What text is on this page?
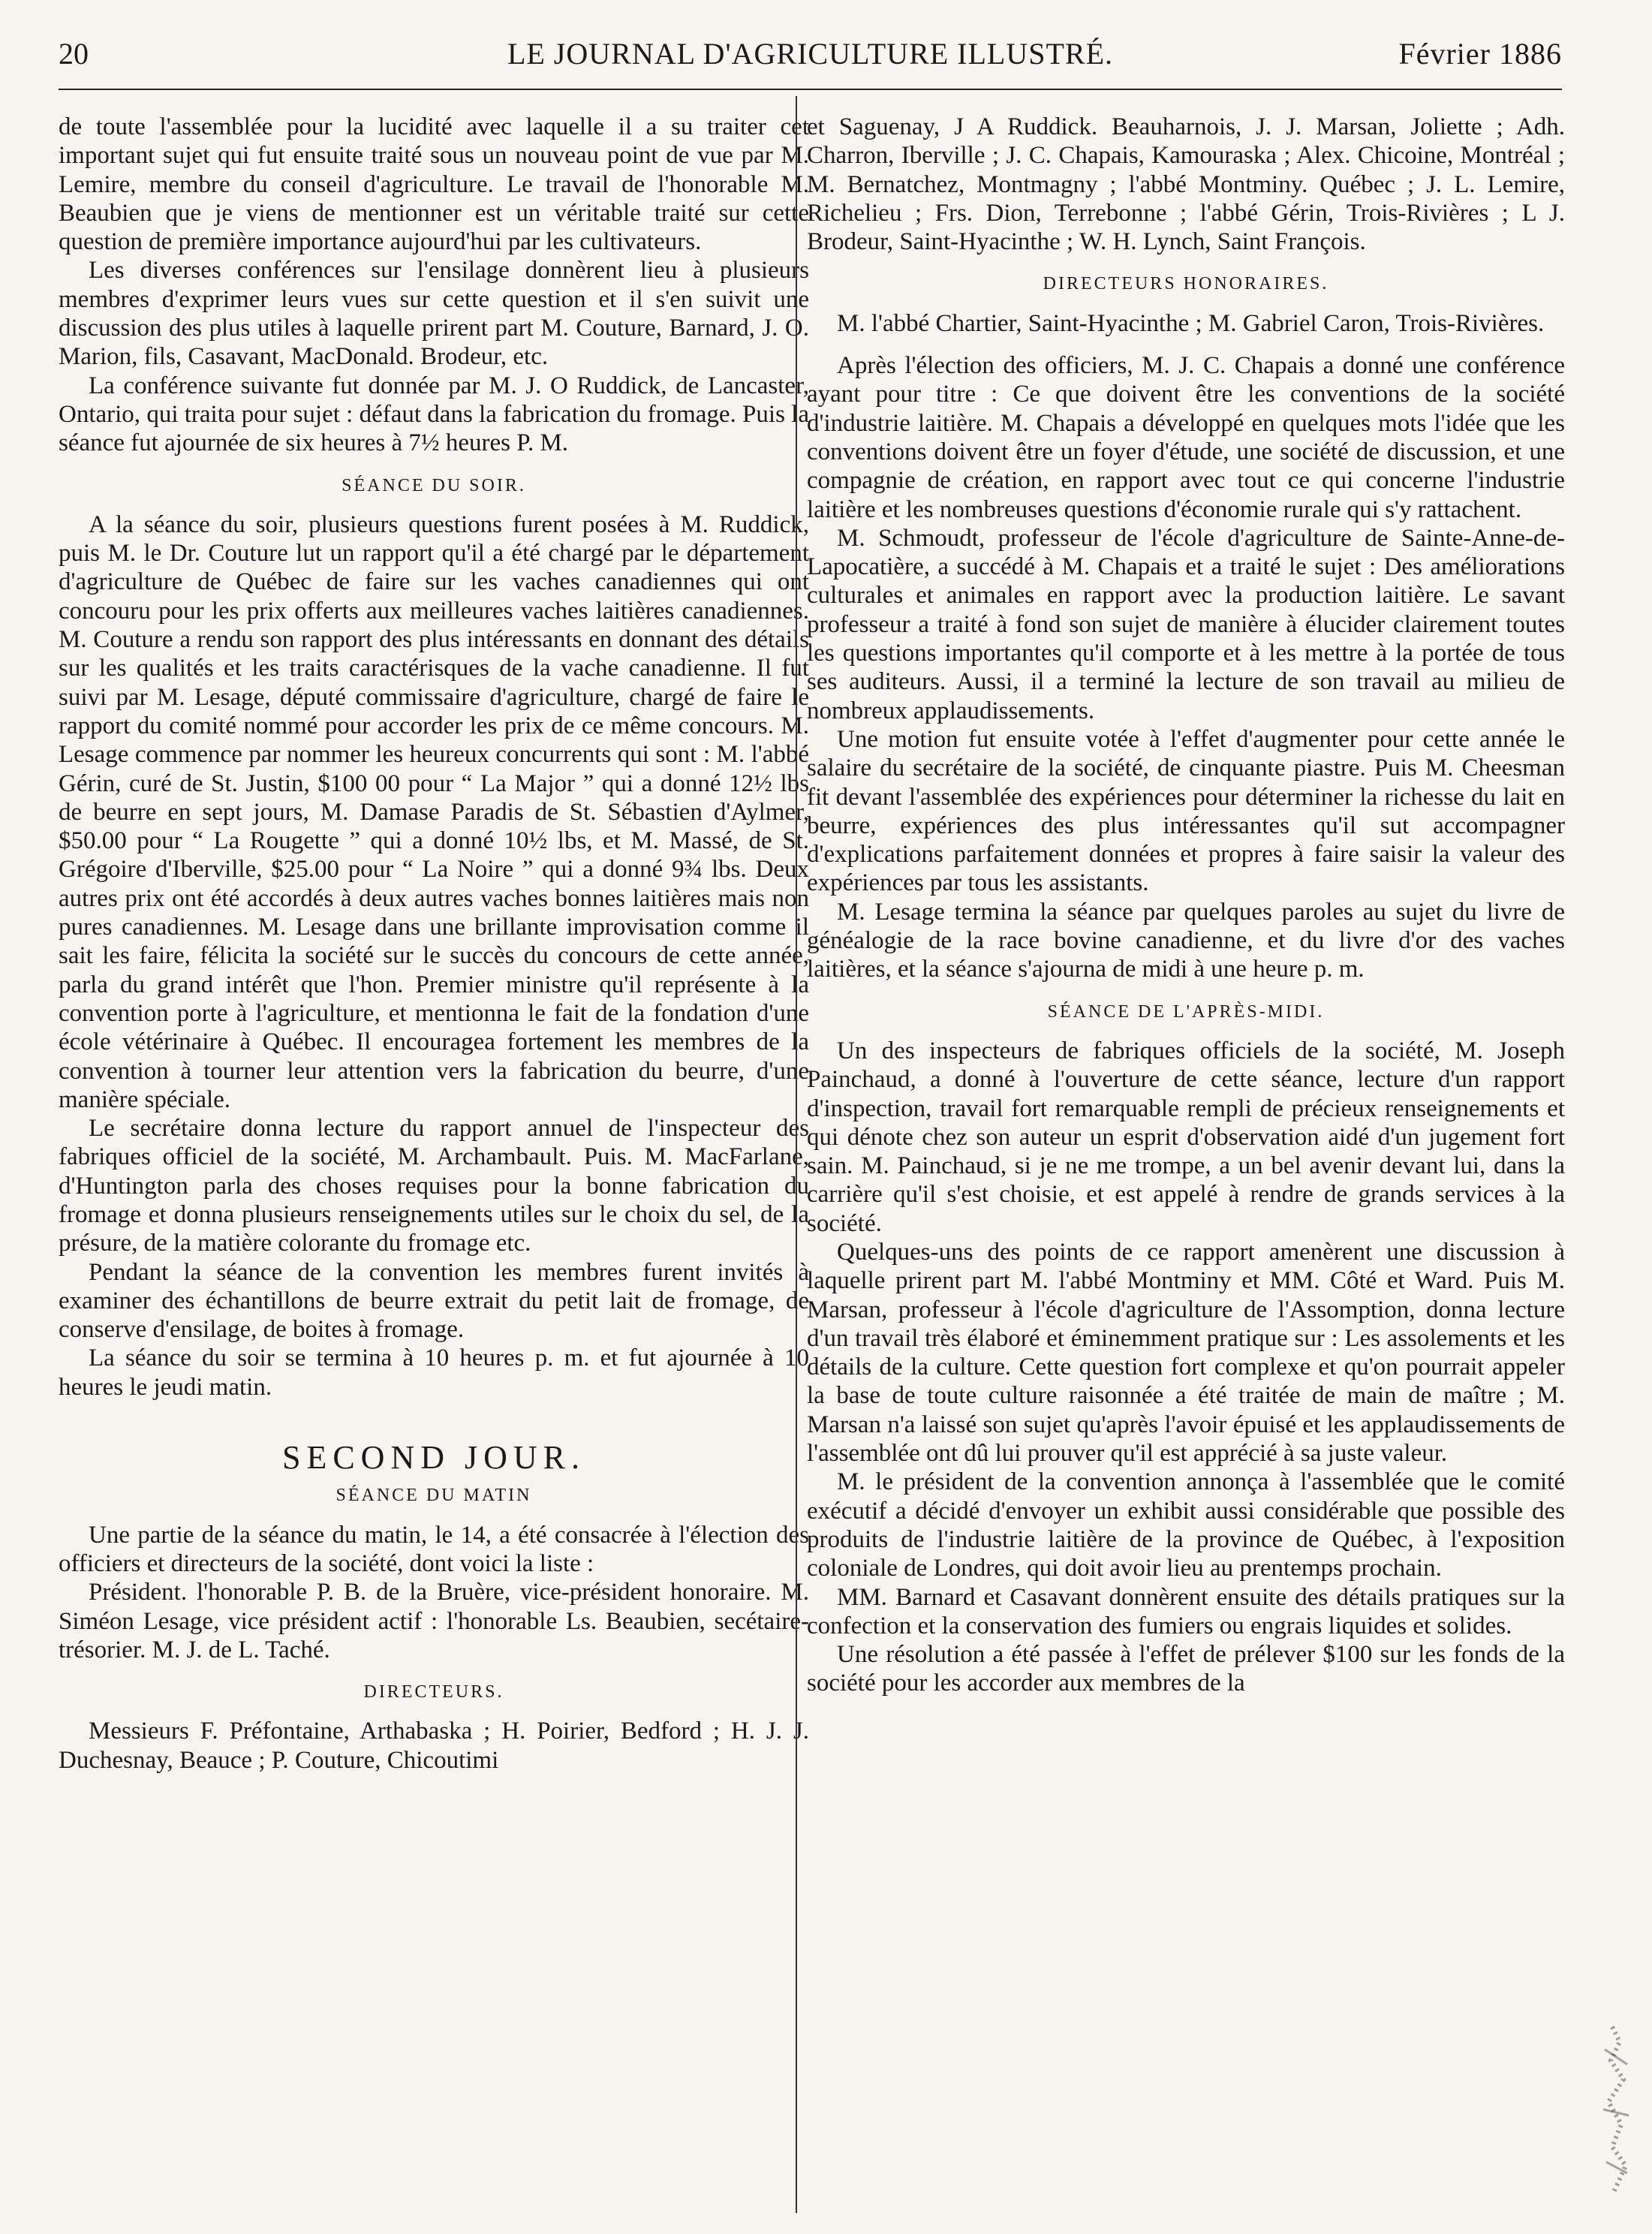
20	LE JOURNAL D'AGRICULTURE ILLUSTRÉ.	Février 1886

de toute l'assemblée pour la lucidité avec laquelle il a su traiter cet important sujet qui fut ensuite traité sous un nouveau point de vue par M. Lemire, membre du conseil d'agriculture. Le travail de l'honorable M. Beaubien que je viens de mentionner est un véritable traité sur cette question de première importance aujourd'hui par les cultivateurs.

Les diverses conférences sur l'ensilage donnèrent lieu à plusieurs membres d'exprimer leurs vues sur cette question et il s'en suivit une discussion des plus utiles à laquelle prirent part M. Couture, Barnard, J. O. Marion, fils, Casavant, MacDonald. Brodeur, etc.

La conférence suivante fut donnée par M. J. O Ruddick, de Lancaster, Ontario, qui traita pour sujet : défaut dans la fabrication du fromage. Puis la séance fut ajournée de six heures à 7½ heures P. M.

SÉANCE DU SOIR.

A la séance du soir, plusieurs questions furent posées à M. Ruddick, puis M. le Dr. Couture lut un rapport qu'il a été chargé par le département d'agriculture de Québec de faire sur les vaches canadiennes qui ont concouru pour les prix offerts aux meilleures vaches laitières canadiennes. M. Couture a rendu son rapport des plus intéressants en donnant des détails sur les qualités et les traits caractérisques de la vache canadienne. Il fut suivi par M. Lesage, député commissaire d'agriculture, chargé de faire le rapport du comité nommé pour accorder les prix de ce même concours. M. Lesage commence par nommer les heureux concurrents qui sont : M. l'abbé Gérin, curé de St. Justin, $100 00 pour “ La Major ” qui a donné 12½ lbs de beurre en sept jours, M. Damase Paradis de St. Sébastien d'Aylmer, $50.00 pour “ La Rougette ” qui a donné 10½ lbs, et M. Massé, de St. Grégoire d'Iberville, $25.00 pour “ La Noire ” qui a donné 9¾ lbs. Deux autres prix ont été accordés à deux autres vaches bonnes laitières mais non pures canadiennes. M. Lesage dans une brillante improvisation comme il sait les faire, félicita la société sur le succès du concours de cette année, parla du grand intérêt que l'hon. Premier ministre qu'il représente à la convention porte à l'agriculture, et mentionna le fait de la fondation d'une école vétérinaire à Québec. Il encouragea fortement les membres de la convention à tourner leur attention vers la fabrication du beurre, d'une manière spéciale.

Le secrétaire donna lecture du rapport annuel de l'inspecteur des fabriques officiel de la société, M. Archambault. Puis. M. MacFarlane, d'Huntington parla des choses requises pour la bonne fabrication du fromage et donna plusieurs renseignements utiles sur le choix du sel, de la présure, de la matière colorante du fromage etc.

Pendant la séance de la convention les membres furent invités à examiner des échantillons de beurre extrait du petit lait de fromage, de conserve d'ensilage, de boites à fromage.

La séance du soir se termina à 10 heures p. m. et fut ajournée à 10 heures le jeudi matin.

SECOND JOUR.
SÉANCE DU MATIN

Une partie de la séance du matin, le 14, a été consacrée à l'élection des officiers et directeurs de la société, dont voici la liste :

Président. l'honorable P. B. de la Bruère, vice-président honoraire. M. Siméon Lesage, vice président actif : l'honorable Ls. Beaubien, secétaire-trésorier. M. J. de L. Taché.

DIRECTEURS.

Messieurs F. Préfontaine, Arthabaska ; H. Poirier, Bedford ; H. J. J. Duchesnay, Beauce ; P. Couture, Chicoutimi

et Saguenay, J A Ruddick. Beauharnois, J. J. Marsan, Joliette ; Adh. Charron, Iberville ; J. C. Chapais, Kamouraska ; Alex. Chicoine, Montréal ; M. Bernatchez, Montmagny ; l'abbé Montminy. Québec ; J. L. Lemire, Richelieu ; Frs. Dion, Terrebonne ; l'abbé Gérin, Trois-Rivières ; L J. Brodeur, Saint-Hyacinthe ; W. H. Lynch, Saint François.

DIRECTEURS HONORAIRES.

M. l'abbé Chartier, Saint-Hyacinthe ; M. Gabriel Caron, Trois-Rivières.

Après l'élection des officiers, M. J. C. Chapais a donné une conférence ayant pour titre : Ce que doivent être les conventions de la société d'industrie laitière. M. Chapais a développé en quelques mots l'idée que les conventions doivent être un foyer d'étude, une société de discussion, et une compagnie de création, en rapport avec tout ce qui concerne l'industrie laitière et les nombreuses questions d'économie rurale qui s'y rattachent.

M. Schmoudt, professeur de l'école d'agriculture de Sainte-Anne-de-Lapocatière, a succédé à M. Chapais et a traité le sujet : Des améliorations culturales et animales en rapport avec la production laitière. Le savant professeur a traité à fond son sujet de manière à élucider clairement toutes les questions importantes qu'il comporte et à les mettre à la portée de tous ses auditeurs. Aussi, il a terminé la lecture de son travail au milieu de nombreux applaudissements.

Une motion fut ensuite votée à l'effet d'augmenter pour cette année le salaire du secrétaire de la société, de cinquante piastre. Puis M. Cheesman fit devant l'assemblée des expériences pour déterminer la richesse du lait en beurre, expériences des plus intéressantes qu'il sut accompagner d'explications parfaitement données et propres à faire saisir la valeur des expériences par tous les assistants.

M. Lesage termina la séance par quelques paroles au sujet du livre de généalogie de la race bovine canadienne, et du livre d'or des vaches laitières, et la séance s'ajourna de midi à une heure p. m.

SÉANCE DE L'APRÈS-MIDI.

Un des inspecteurs de fabriques officiels de la société, M. Joseph Painchaud, a donné à l'ouverture de cette séance, lecture d'un rapport d'inspection, travail fort remarquable rempli de précieux renseignements et qui dénote chez son auteur un esprit d'observation aidé d'un jugement fort sain. M. Painchaud, si je ne me trompe, a un bel avenir devant lui, dans la carrière qu'il s'est choisie, et est appelé à rendre de grands services à la société.

Quelques-uns des points de ce rapport amenèrent une discussion à laquelle prirent part M. l'abbé Montminy et MM. Côté et Ward. Puis M. Marsan, professeur à l'école d'agriculture de l'Assomption, donna lecture d'un travail très élaboré et éminemment pratique sur : Les assolements et les détails de la culture. Cette question fort complexe et qu'on pourrait appeler la base de toute culture raisonnée a été traitée de main de maître ; M. Marsan n'a laissé son sujet qu'après l'avoir épuisé et les applaudissements de l'assemblée ont dû lui prouver qu'il est apprécié à sa juste valeur.

M. le président de la convention annonça à l'assemblée que le comité exécutif a décidé d'envoyer un exhibit aussi considérable que possible des produits de l'industrie laitière de la province de Québec, à l'exposition coloniale de Londres, qui doit avoir lieu au prentemps prochain.

MM. Barnard et Casavant donnèrent ensuite des détails pratiques sur la confection et la conservation des fumiers ou engrais liquides et solides.

Une résolution a été passée à l'effet de prélever $100 sur les fonds de la société pour les accorder aux membres de la
